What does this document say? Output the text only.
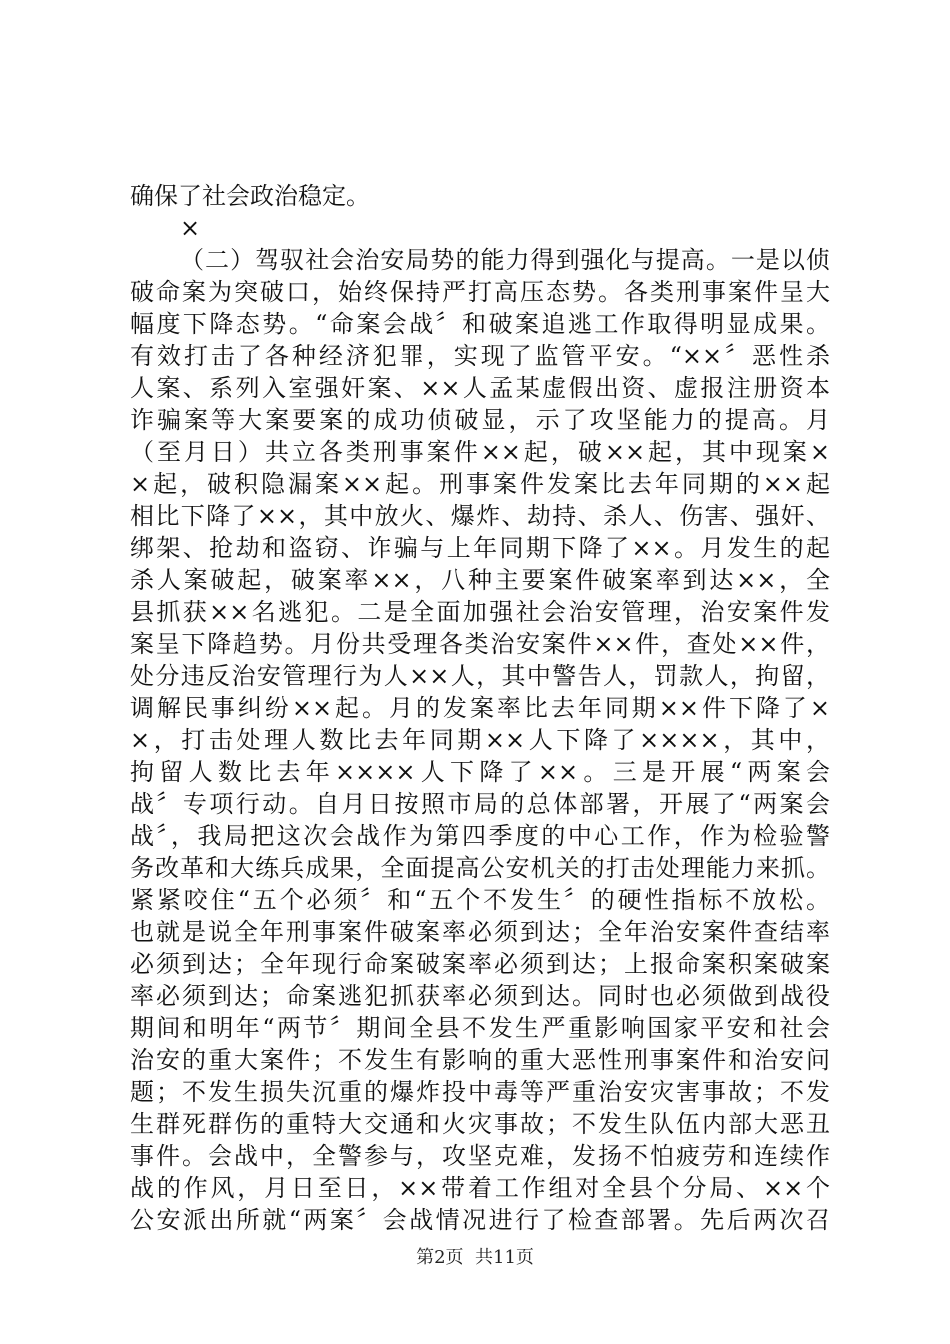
确保了社会政治稳定。
×
（二）驾驭社会治安局势的能力得到强化与提高。一是以侦
破命案为突破口，始终保持严打高压态势。各类刑事案件呈大
幅度下降态势。“命案会战〞和破案追逃工作取得明显成果。
有效打击了各种经济犯罪，实现了监管平安。“××〞恶性杀
人案、系列入室强奸案、××人孟某虚假出资、虚报注册资本
诈骗案等大案要案的成功侦破显，示了攻坚能力的提高。月
（至月日）共立各类刑事案件××起，破××起，其中现案×
×起，破积隐漏案××起。刑事案件发案比去年同期的××起
相比下降了××，其中放火、爆炸、劫持、杀人、伤害、强奸、
绑架、抢劫和盗窃、诈骗与上年同期下降了××。月发生的起
杀人案破起，破案率××，八种主要案件破案率到达××，全
县抓获××名逃犯。二是全面加强社会治安管理，治安案件发
案呈下降趋势。月份共受理各类治安案件××件，查处××件，
处分违反治安管理行为人××人，其中警告人，罚款人，拘留，
调解民事纠纷××起。月的发案率比去年同期××件下降了×
×，打击处理人数比去年同期××人下降了××××，其中，
拘留人数比去年××××人下降了××。三是开展“两案会
战〞专项行动。自月日按照市局的总体部署，开展了“两案会
战〞，我局把这次会战作为第四季度的中心工作，作为检验警
务改革和大练兵成果，全面提高公安机关的打击处理能力来抓。
紧紧咬住“五个必须〞和“五个不发生〞的硬性指标不放松。
也就是说全年刑事案件破案率必须到达；全年治安案件查结率
必须到达；全年现行命案破案率必须到达；上报命案积案破案
率必须到达；命案逃犯抓获率必须到达。同时也必须做到战役
期间和明年“两节〞期间全县不发生严重影响国家平安和社会
治安的重大案件；不发生有影响的重大恶性刑事案件和治安问
题；不发生损失沉重的爆炸投中毒等严重治安灾害事故；不发
生群死群伤的重特大交通和火灾事故；不发生队伍内部大恶丑
事件。会战中，全警参与，攻坚克难，发扬不怕疲劳和连续作
战的作风，月日至日，××带着工作组对全县个分局、××个
公安派出所就“两案〞会战情况进行了检查部署。先后两次召
第2页  共11页
